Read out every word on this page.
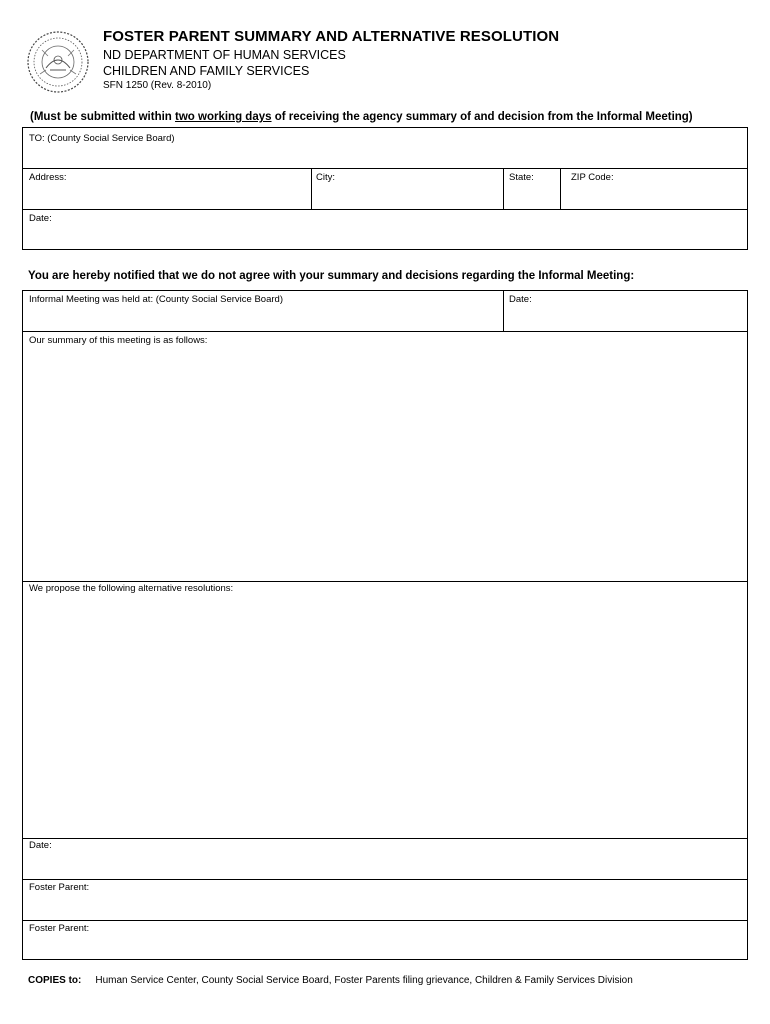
FOSTER PARENT SUMMARY AND ALTERNATIVE RESOLUTION
ND DEPARTMENT OF HUMAN SERVICES
CHILDREN AND FAMILY SERVICES
SFN 1250 (Rev. 8-2010)
(Must be submitted within two working days of receiving the agency summary of and decision from the Informal Meeting)
TO: (County Social Service Board)
Address:	City:	State:	ZIP Code:
Date:
You are hereby notified that we do not agree with your summary and decisions regarding the Informal Meeting:
Informal Meeting was held at: (County Social Service Board)	Date:
Our summary of this meeting is as follows:
We propose the following alternative resolutions:
Date:
Foster Parent:
Foster Parent:
COPIES to: Human Service Center, County Social Service Board, Foster Parents filing grievance, Children & Family Services Division
